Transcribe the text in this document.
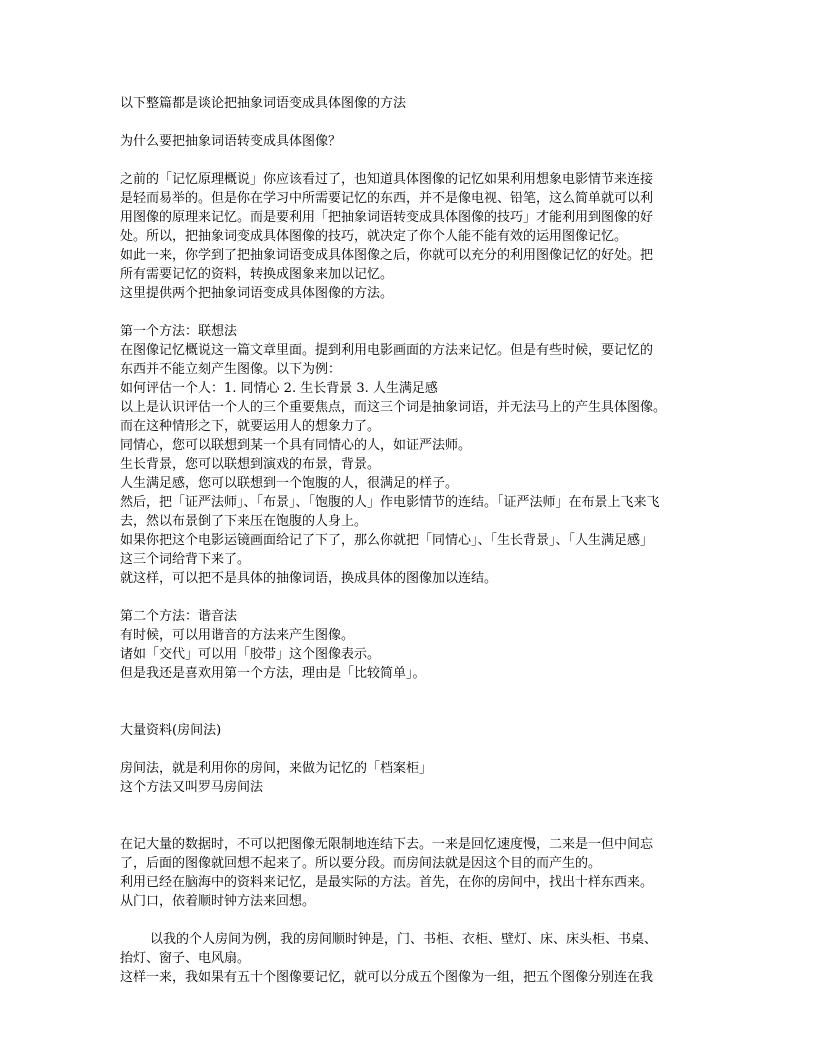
以下整篇都是谈论把抽象词语变成具体图像的方法
为什么要把抽象词语转变成具体图像？
之前的「记忆原理概说」你应该看过了，也知道具体图像的记忆如果利用想象电影情节来连接
是轻而易举的。但是你在学习中所需要记忆的东西，并不是像电视、铅笔，这么简单就可以利
用图像的原理来记忆。而是要利用「把抽象词语转变成具体图像的技巧」才能利用到图像的好
处。所以，把抽象词变成具体图像的技巧，就决定了你个人能不能有效的运用图像记忆。
如此一来，你学到了把抽象词语变成具体图像之后，你就可以充分的利用图像记忆的好处。把
所有需要记忆的资料，转换成图象来加以记忆。
这里提供两个把抽象词语变成具体图像的方法。
第一个方法：联想法
在图像记忆概说这一篇文章里面。提到利用电影画面的方法来记忆。但是有些时候，要记忆的
东西并不能立刻产生图像。以下为例：
如何评估一个人：1. 同情心 2. 生长背景 3. 人生满足感
以上是认识评估一个人的三个重要焦点，而这三个词是抽象词语，并无法马上的产生具体图像。
而在这种情形之下，就要运用人的想象力了。
同情心，您可以联想到某一个具有同情心的人，如证严法师。
生长背景，您可以联想到演戏的布景，背景。
人生满足感，您可以联想到一个饱腹的人，很满足的样子。
然后，把「证严法师」、「布景」、「饱腹的人」作电影情节的连结。「证严法师」在布景上飞来飞
去，然以布景倒了下来压在饱腹的人身上。
如果你把这个电影运镜画面给记了下了，那么你就把「同情心」、「生长背景」、「人生满足感」
这三个词给背下来了。
就这样，可以把不是具体的抽像词语，换成具体的图像加以连结。
第二个方法：谐音法
有时候，可以用谐音的方法来产生图像。
诸如「交代」可以用「胶带」这个图像表示。
但是我还是喜欢用第一个方法，理由是「比较简单」。
大量资料(房间法)
房间法，就是利用你的房间，来做为记忆的「档案柜」
这个方法又叫罗马房间法
在记大量的数据时，不可以把图像无限制地连结下去。一来是回忆速度慢，二来是一但中间忘
了，后面的图像就回想不起来了。所以要分段。而房间法就是因这个目的而产生的。
利用已经在脑海中的资料来记忆，是最实际的方法。首先，在你的房间中，找出十样东西来。
从门口，依着顺时钟方法来回想。
以我的个人房间为例，我的房间顺时钟是，门、书柜、衣柜、壁灯、床、床头柜、书桌、
抬灯、窗子、电风扇。
这样一来，我如果有五十个图像要记忆，就可以分成五个图像为一组，把五个图像分别连在我
